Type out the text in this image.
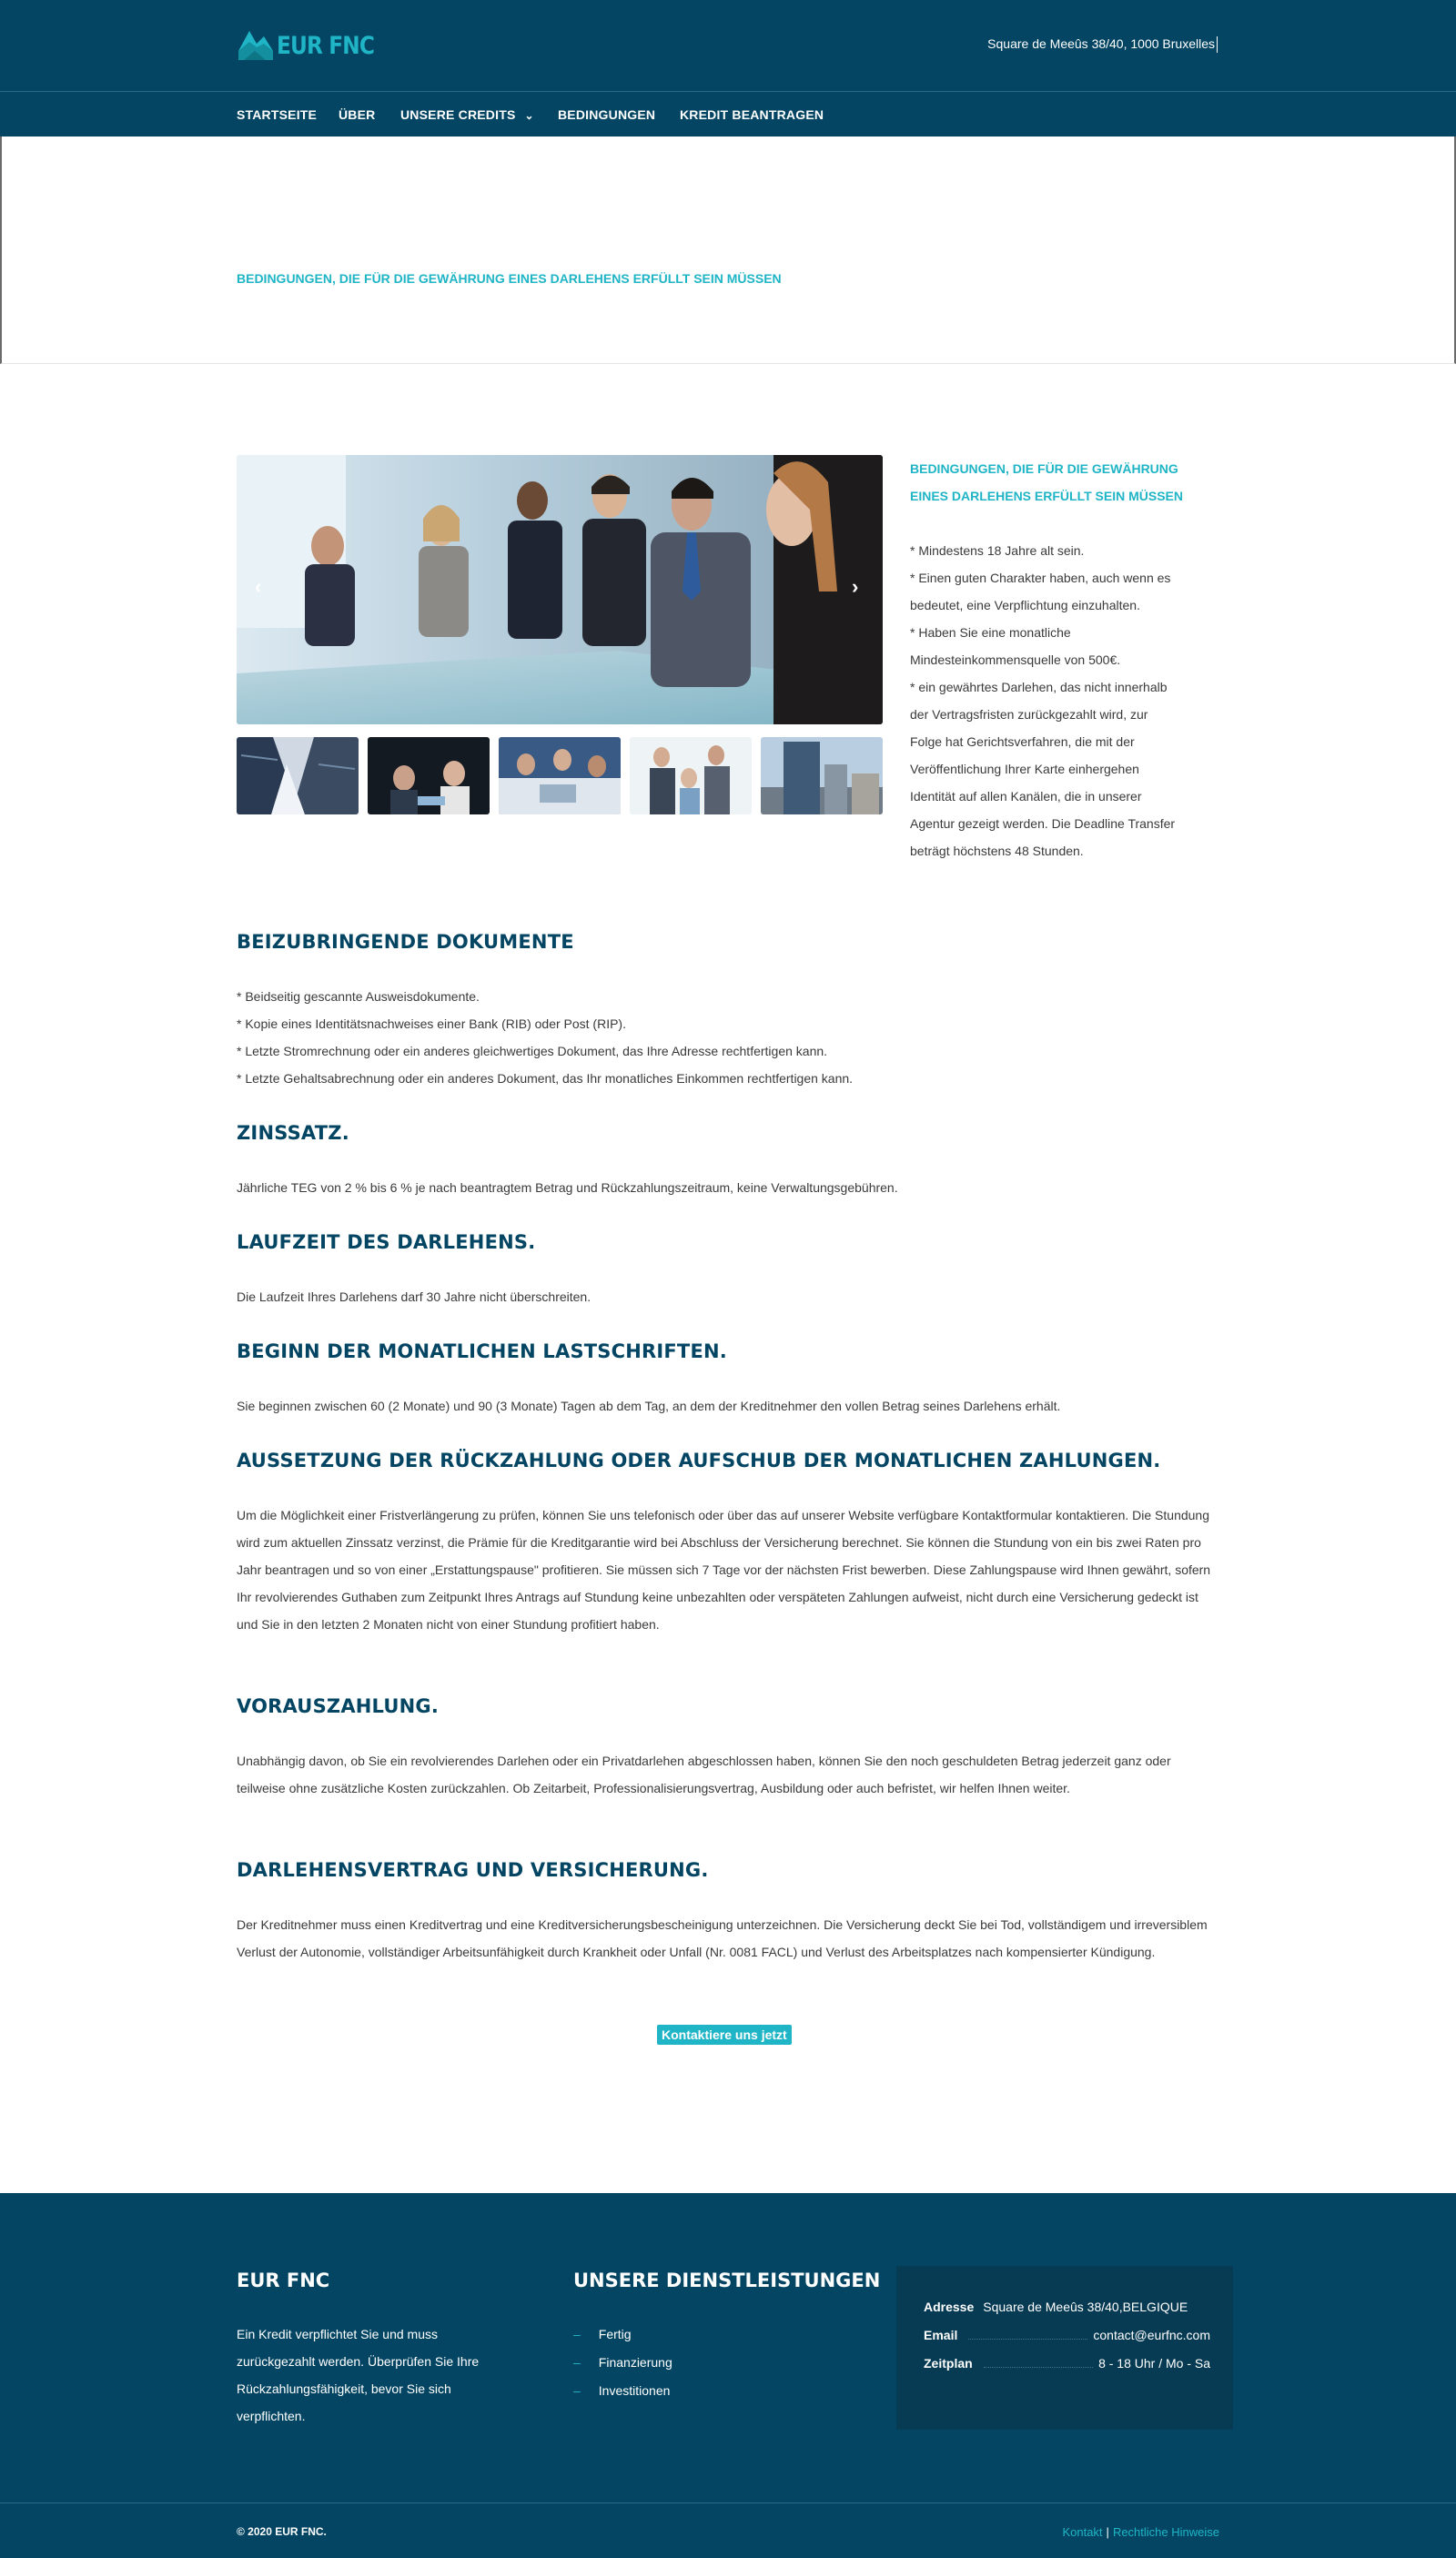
EUR FNC	Square de Meeûs 38/40, 1000 Bruxelles
STARTSEITE ÜBER UNSERE CREDITS ⌄ BEDINGUNGEN KREDIT BEANTRAGEN
BEDINGUNGEN, DIE FÜR DIE GEWÄHRUNG EINES DARLEHENS ERFÜLLT SEIN MÜSSEN
‹	›
BEDINGUNGEN, DIE FÜR DIE GEWÄHRUNG
EINES DARLEHENS ERFÜLLT SEIN MÜSSEN
* Mindestens 18 Jahre alt sein.
* Einen guten Charakter haben, auch wenn es
bedeutet, eine Verpflichtung einzuhalten.
* Haben Sie eine monatliche
Mindesteinkommensquelle von 500€.
* ein gewährtes Darlehen, das nicht innerhalb
der Vertragsfristen zurückgezahlt wird, zur
Folge hat Gerichtsverfahren, die mit der
Veröffentlichung Ihrer Karte einhergehen
Identität auf allen Kanälen, die in unserer
Agentur gezeigt werden. Die Deadline Transfer
beträgt höchstens 48 Stunden.
BEIZUBRINGENDE DOKUMENTE
* Beidseitig gescannte Ausweisdokumente.
* Kopie eines Identitätsnachweises einer Bank (RIB) oder Post (RIP).
* Letzte Stromrechnung oder ein anderes gleichwertiges Dokument, das Ihre Adresse rechtfertigen kann.
* Letzte Gehaltsabrechnung oder ein anderes Dokument, das Ihr monatliches Einkommen rechtfertigen kann.
ZINSSATZ.
Jährliche TEG von 2 % bis 6 % je nach beantragtem Betrag und Rückzahlungszeitraum, keine Verwaltungsgebühren.
LAUFZEIT DES DARLEHENS.
Die Laufzeit Ihres Darlehens darf 30 Jahre nicht überschreiten.
BEGINN DER MONATLICHEN LASTSCHRIFTEN.
Sie beginnen zwischen 60 (2 Monate) und 90 (3 Monate) Tagen ab dem Tag, an dem der Kreditnehmer den vollen Betrag seines Darlehens erhält.
AUSSETZUNG DER RÜCKZAHLUNG ODER AUFSCHUB DER MONATLICHEN ZAHLUNGEN.
Um die Möglichkeit einer Fristverlängerung zu prüfen, können Sie uns telefonisch oder über das auf unserer Website verfügbare Kontaktformular kontaktieren. Die Stundung wird zum aktuellen Zinssatz verzinst, die Prämie für die Kreditgarantie wird bei Abschluss der Versicherung berechnet. Sie können die Stundung von ein bis zwei Raten pro Jahr beantragen und so von einer „Erstattungspause" profitieren. Sie müssen sich 7 Tage vor der nächsten Frist bewerben. Diese Zahlungspause wird Ihnen gewährt, sofern Ihr revolvierendes Guthaben zum Zeitpunkt Ihres Antrags auf Stundung keine unbezahlten oder verspäteten Zahlungen aufweist, nicht durch eine Versicherung gedeckt ist und Sie in den letzten 2 Monaten nicht von einer Stundung profitiert haben.
VORAUSZAHLUNG.
Unabhängig davon, ob Sie ein revolvierendes Darlehen oder ein Privatdarlehen abgeschlossen haben, können Sie den noch geschuldeten Betrag jederzeit ganz oder teilweise ohne zusätzliche Kosten zurückzahlen. Ob Zeitarbeit, Professionalisierungsvertrag, Ausbildung oder auch befristet, wir helfen Ihnen weiter.
DARLEHENSVERTRAG UND VERSICHERUNG.
Der Kreditnehmer muss einen Kreditvertrag und eine Kreditversicherungsbescheinigung unterzeichnen. Die Versicherung deckt Sie bei Tod, vollständigem und irreversiblem Verlust der Autonomie, vollständiger Arbeitsunfähigkeit durch Krankheit oder Unfall (Nr. 0081 FACL) und Verlust des Arbeitsplatzes nach kompensierter Kündigung.
Kontaktiere uns jetzt
EUR FNC
Ein Kredit verpflichtet Sie und muss
zurückgezahlt werden. Überprüfen Sie Ihre
Rückzahlungsfähigkeit, bevor Sie sich
verpflichten.
UNSERE DIENSTLEISTUNGEN
– Fertig
– Finanzierung
– Investitionen
Adresse Square de Meeûs 38/40,BELGIQUE
Email	contact@eurfnc.com
Zeitplan	8 - 18 Uhr / Mo - Sa
© 2020 EUR FNC.	Kontakt | Rechtliche Hinweise
